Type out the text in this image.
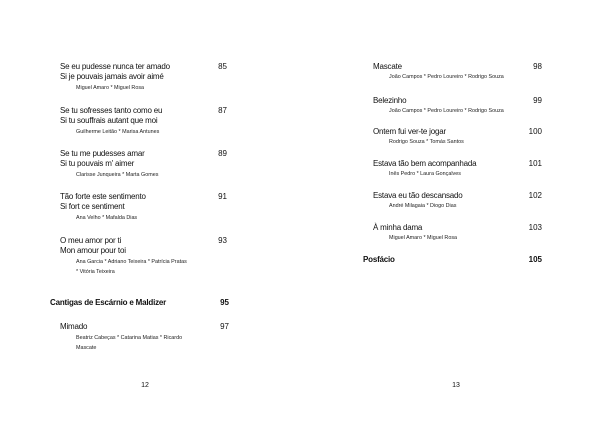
Se eu pudesse nunca ter amado
Si je pouvais jamais avoir aimé
Miguel Amaro * Miguel Rosa
85
Se tu sofresses tanto como eu
Si tu souffrais autant que moi
Guilherme Leitão * Marisa Antunes
87
Se tu me pudesses amar
Si tu pouvais m' aimer
Clarisse Junqueira * Marta Gomes
89
Tão forte este sentimento
Si fort ce sentiment
Ana Velho * Mafalda Dias
91
O meu amor por ti
Mon amour pour toi
Ana Garcia * Adriano Teixeira * Patrícia Pratas
* Vitória Teixeira
93
Cantigas de Escárnio e Maldizer	95
Mimado
Beatriz Cabeças * Catarina Matias * Ricardo
Mascate
97
12
Mascate
João Campos * Pedro Loureiro * Rodrigo Souza
98
Belezinho
João Campos * Pedro Loureiro * Rodrigo Souza
99
Ontem fui ver-te jogar
Rodrigo Souza * Tomás Santos
100
Estava tão bem acompanhada
Inês Pedro * Laura Gonçalves
101
Estava eu tão descansado
André Milagaia * Diogo Dias
102
À minha dama
Miguel Amaro * Miguel Rosa
103
Posfácio	105
13
